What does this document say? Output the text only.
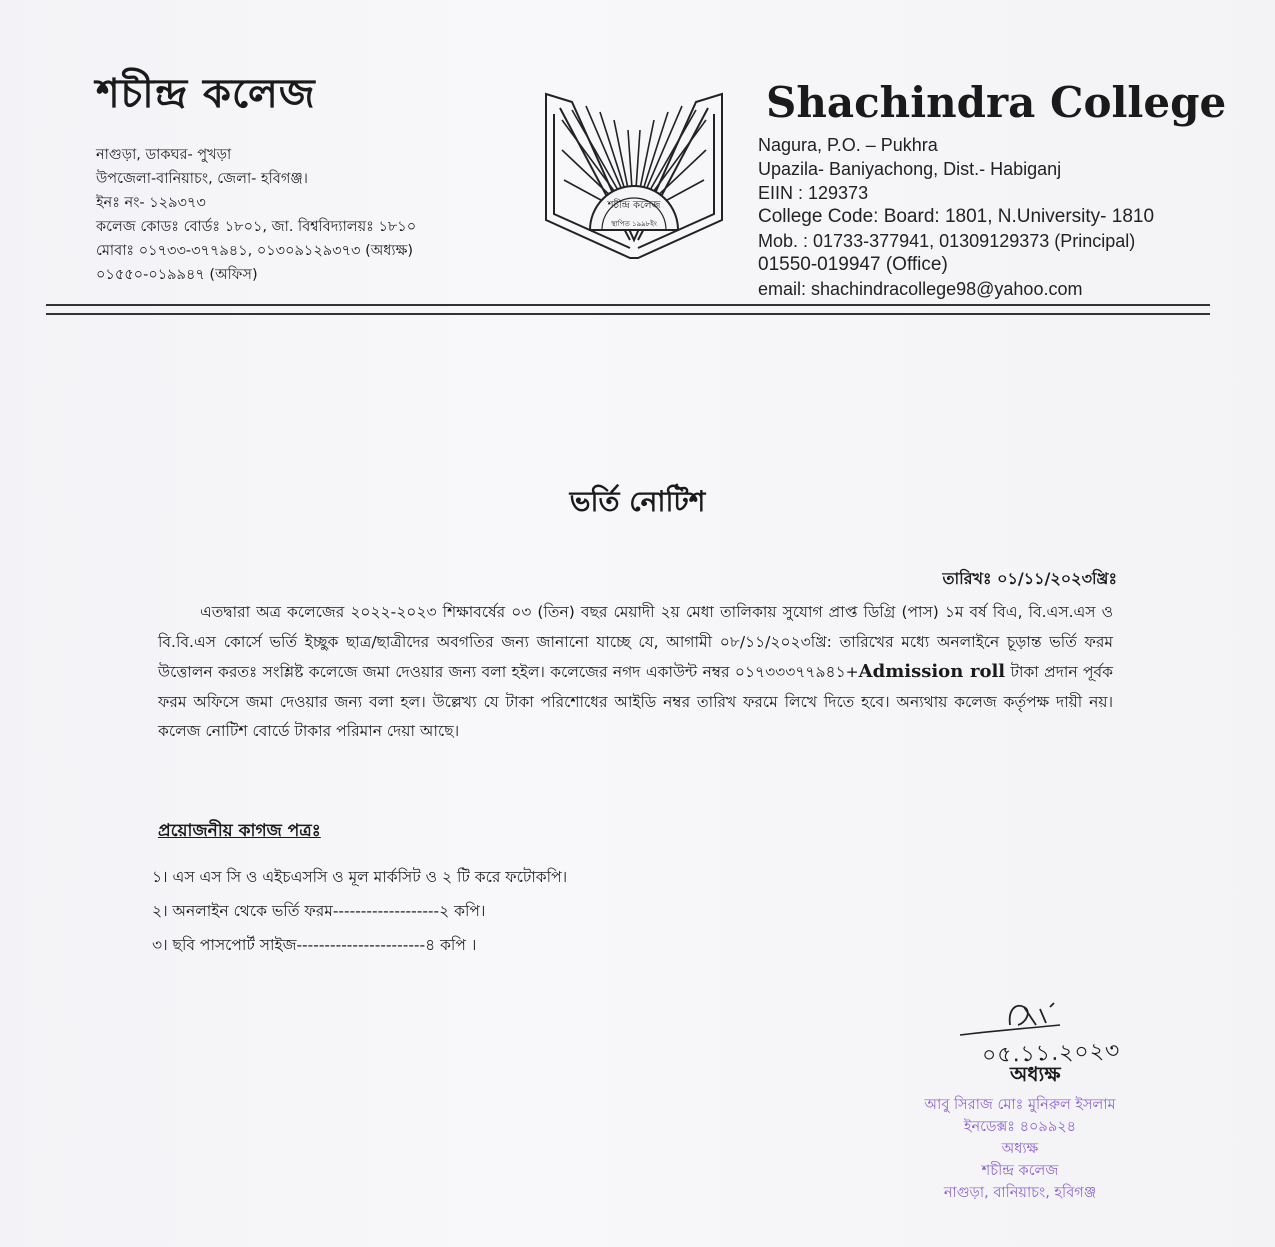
শচীন্দ্র কলেজ

নাগুড়া, ডাকঘর- পুখড়া

উপজেলা-বানিয়াচং, জেলা- হবিগঞ্জ।

ইনঃ নং- ১২৯৩৭৩

কলেজ কোডঃ বোর্ডঃ ১৮০১, জা. বিশ্ববিদ্যালয়ঃ ১৮১০

মোবাঃ ০১৭৩৩-৩৭৭৯৪১, ০১৩০৯১২৯৩৭৩ (অধ্যক্ষ)

০১৫৫০-০১৯৯৪৭ (অফিস)

শচীন্দ্র কলেজ
স্থাপিত ১৯৯৮ইং

Shachindra College

Nagura, P.O. – Pukhra

Upazila- Baniyachong, Dist.- Habiganj

EIIN : 129373

College Code: Board: 1801, N.University- 1810

Mob. : 01733-377941, 01309129373 (Principal)

01550-019947 (Office)

email: shachindracollege98@yahoo.com

ভর্তি নোটিশ

তারিখঃ ০১/১১/২০২৩খ্রিঃ

এতদ্বারা অত্র কলেজের ২০২২-২০২৩ শিক্ষাবর্ষের ০৩ (তিন) বছর মেয়াদী ২য় মেধা তালিকায় সুযোগ প্রাপ্ত ডিগ্রি (পাস) ১ম বর্ষ বিএ, বি.এস.এস ও বি.বি.এস কোর্সে ভর্তি ইচ্ছুক ছাত্র/ছাত্রীদের অবগতির জন্য জানানো যাচ্ছে যে, আগামী ০৮/১১/২০২৩খ্রি: তারিখের মধ্যে অনলাইনে চূড়ান্ত ভর্তি ফরম উত্তোলন করতঃ সংশ্লিষ্ট কলেজে জমা দেওয়ার জন্য বলা হইল। কলেজের নগদ একাউন্ট নম্বর ০১৭৩৩৩৭৭৯৪১+Admission roll টাকা প্রদান পূর্বক ফরম অফিসে জমা দেওয়ার জন্য বলা হল। উল্লেখ্য যে টাকা পরিশোধের আইডি নম্বর তারিখ ফরমে লিখে দিতে হবে। অন্যথায় কলেজ কর্তৃপক্ষ দায়ী নয়। কলেজ নোটিশ বোর্ডে টাকার পরিমান দেয়া আছে।

প্রয়োজনীয় কাগজ পত্রঃ

১। এস এস সি ও এইচএসসি ও মূল মার্কসিট ও ২ টি করে ফটোকপি।
২। অনলাইন থেকে ভর্তি ফরম-------------------২ কপি।
৩। ছবি পাসপোর্ট সাইজ-----------------------৪ কপি ।

০৫.১১.২০২৩

অধ্যক্ষ

আবু সিরাজ মোঃ মুনিরুল ইসলাম

ইনডেক্সঃ ৪০৯৯২৪

অধ্যক্ষ

শচীন্দ্র কলেজ

নাগুড়া, বানিয়াচং, হবিগঞ্জ
